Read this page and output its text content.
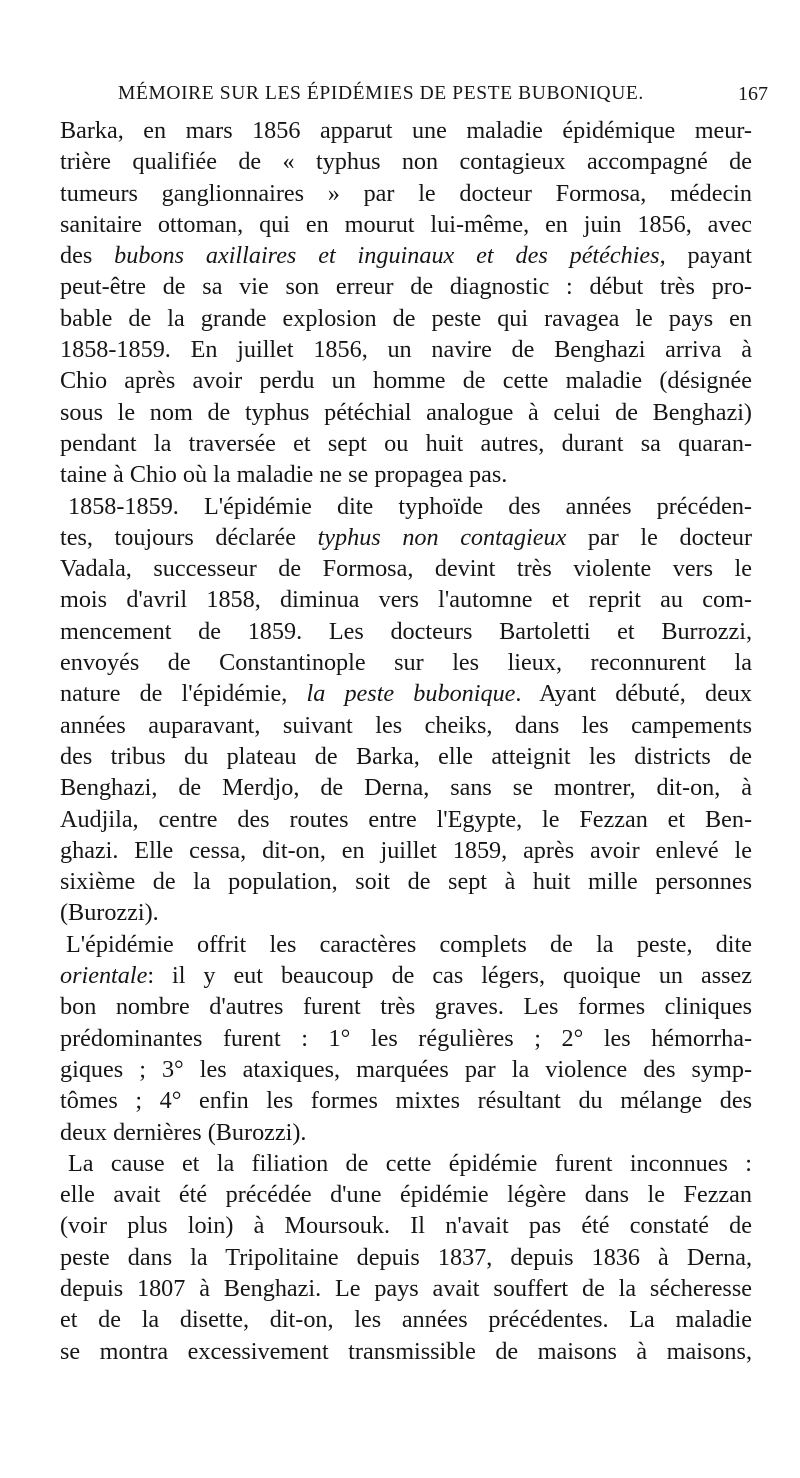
MÉMOIRE SUR LES ÉPIDÉMIES DE PESTE BUBONIQUE.	167
Barka, en mars 1856 apparut une maladie épidémique meur-
trière qualifiée de « typhus non contagieux accompagné de
tumeurs ganglionnaires » par le docteur Formosa, médecin
sanitaire ottoman, qui en mourut lui-même, en juin 1856, avec
des bubons axillaires et inguinaux et des pétéchies, payant
peut-être de sa vie son erreur de diagnostic : début très pro-
bable de la grande explosion de peste qui ravagea le pays en
1858-1859. En juillet 1856, un navire de Benghazi arriva à
Chio après avoir perdu un homme de cette maladie (désignée
sous le nom de typhus pétéchial analogue à celui de Benghazi)
pendant la traversée et sept ou huit autres, durant sa quaran-
taine à Chio où la maladie ne se propagea pas.
1858-1859. L'épidémie dite typhoïde des années précéden-
tes, toujours déclarée typhus non contagieux par le docteur
Vadala, successeur de Formosa, devint très violente vers le
mois d'avril 1858, diminua vers l'automne et reprit au com-
mencement de 1859. Les docteurs Bartoletti et Burrozzi,
envoyés de Constantinople sur les lieux, reconnurent la
nature de l'épidémie, la peste bubonique. Ayant débuté, deux
années auparavant, suivant les cheiks, dans les campements
des tribus du plateau de Barka, elle atteignit les districts de
Benghazi, de Merdjo, de Derna, sans se montrer, dit-on, à
Audjila, centre des routes entre l'Egypte, le Fezzan et Ben-
ghazi. Elle cessa, dit-on, en juillet 1859, après avoir enlevé le
sixième de la population, soit de sept à huit mille personnes
(Burozzi).
L'épidémie offrit les caractères complets de la peste, dite
orientale: il y eut beaucoup de cas légers, quoique un assez
bon nombre d'autres furent très graves. Les formes cliniques
prédominantes furent : 1° les régulières ; 2° les hémorrha-
giques ; 3° les ataxiques, marquées par la violence des symp-
tômes ; 4° enfin les formes mixtes résultant du mélange des
deux dernières (Burozzi).
La cause et la filiation de cette épidémie furent inconnues :
elle avait été précédée d'une épidémie légère dans le Fezzan
(voir plus loin) à Moursouk. Il n'avait pas été constaté de
peste dans la Tripolitaine depuis 1837, depuis 1836 à Derna,
depuis 1807 à Benghazi. Le pays avait souffert de la sécheresse
et de la disette, dit-on, les années précédentes. La maladie
se montra excessivement transmissible de maisons à maisons,
